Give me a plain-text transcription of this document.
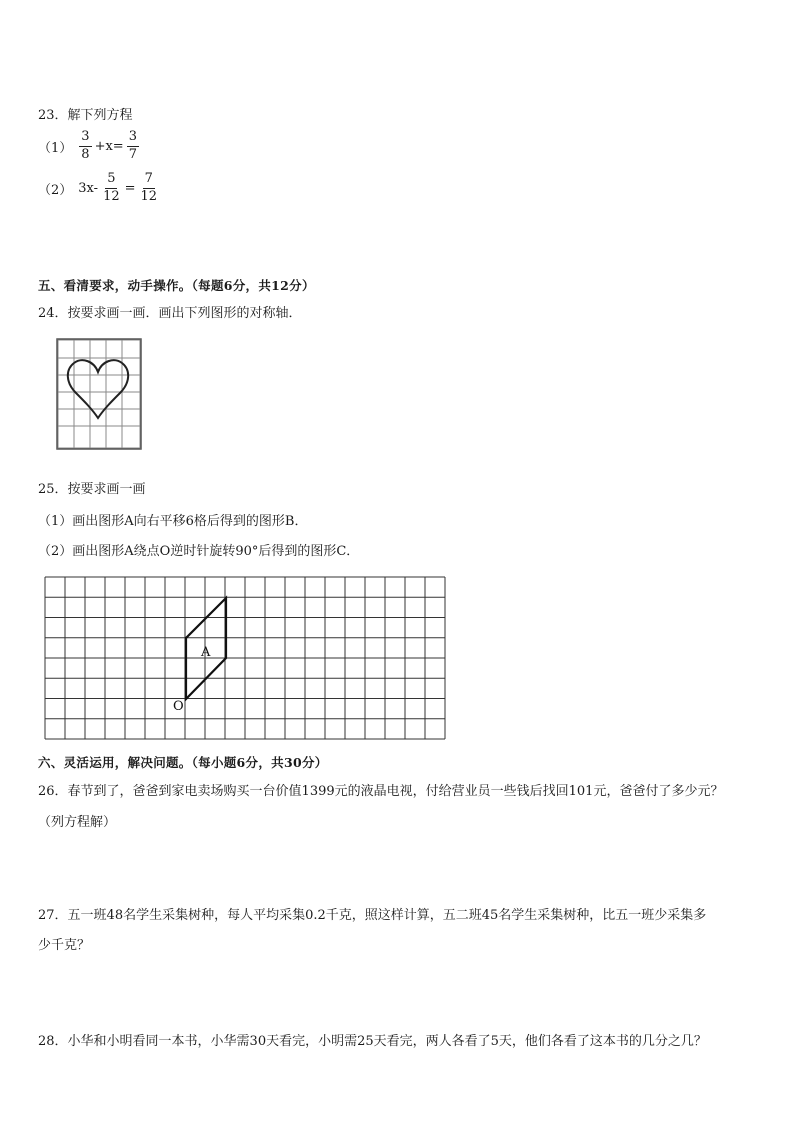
23．解下列方程
$(1) \frac{3}{8} +x= \frac{3}{7}$
（2） $3x- \frac{5}{12} = \frac{7}{12}$
五、看清要求，动手操作。（每题6分，共12分）
24．按要求画一画．画出下列图形的对称轴．
25．按要求画一画
（1）画出图形A向右平移6格后得到的图形B．
（2）画出图形A绕点O逆时针旋转90°后得到的图形C．
A
O
六、灵活运用，解决问题。（每小题6分，共30分）
26．春节到了，爸爸到家电卖场购买一台价值1399元的液晶电视，付给营业员一些钱后找回101元，爸爸付了多少元？
（列方程解）
27．五一班48名学生采集树种，每人平均采集0.2千克，照这样计算，五二班45名学生采集树种，比五一班少采集多
少千克？
28．小华和小明看同一本书，小华需30天看完，小明需25天看完，两人各看了5天，他们各看了这本书的几分之几？
